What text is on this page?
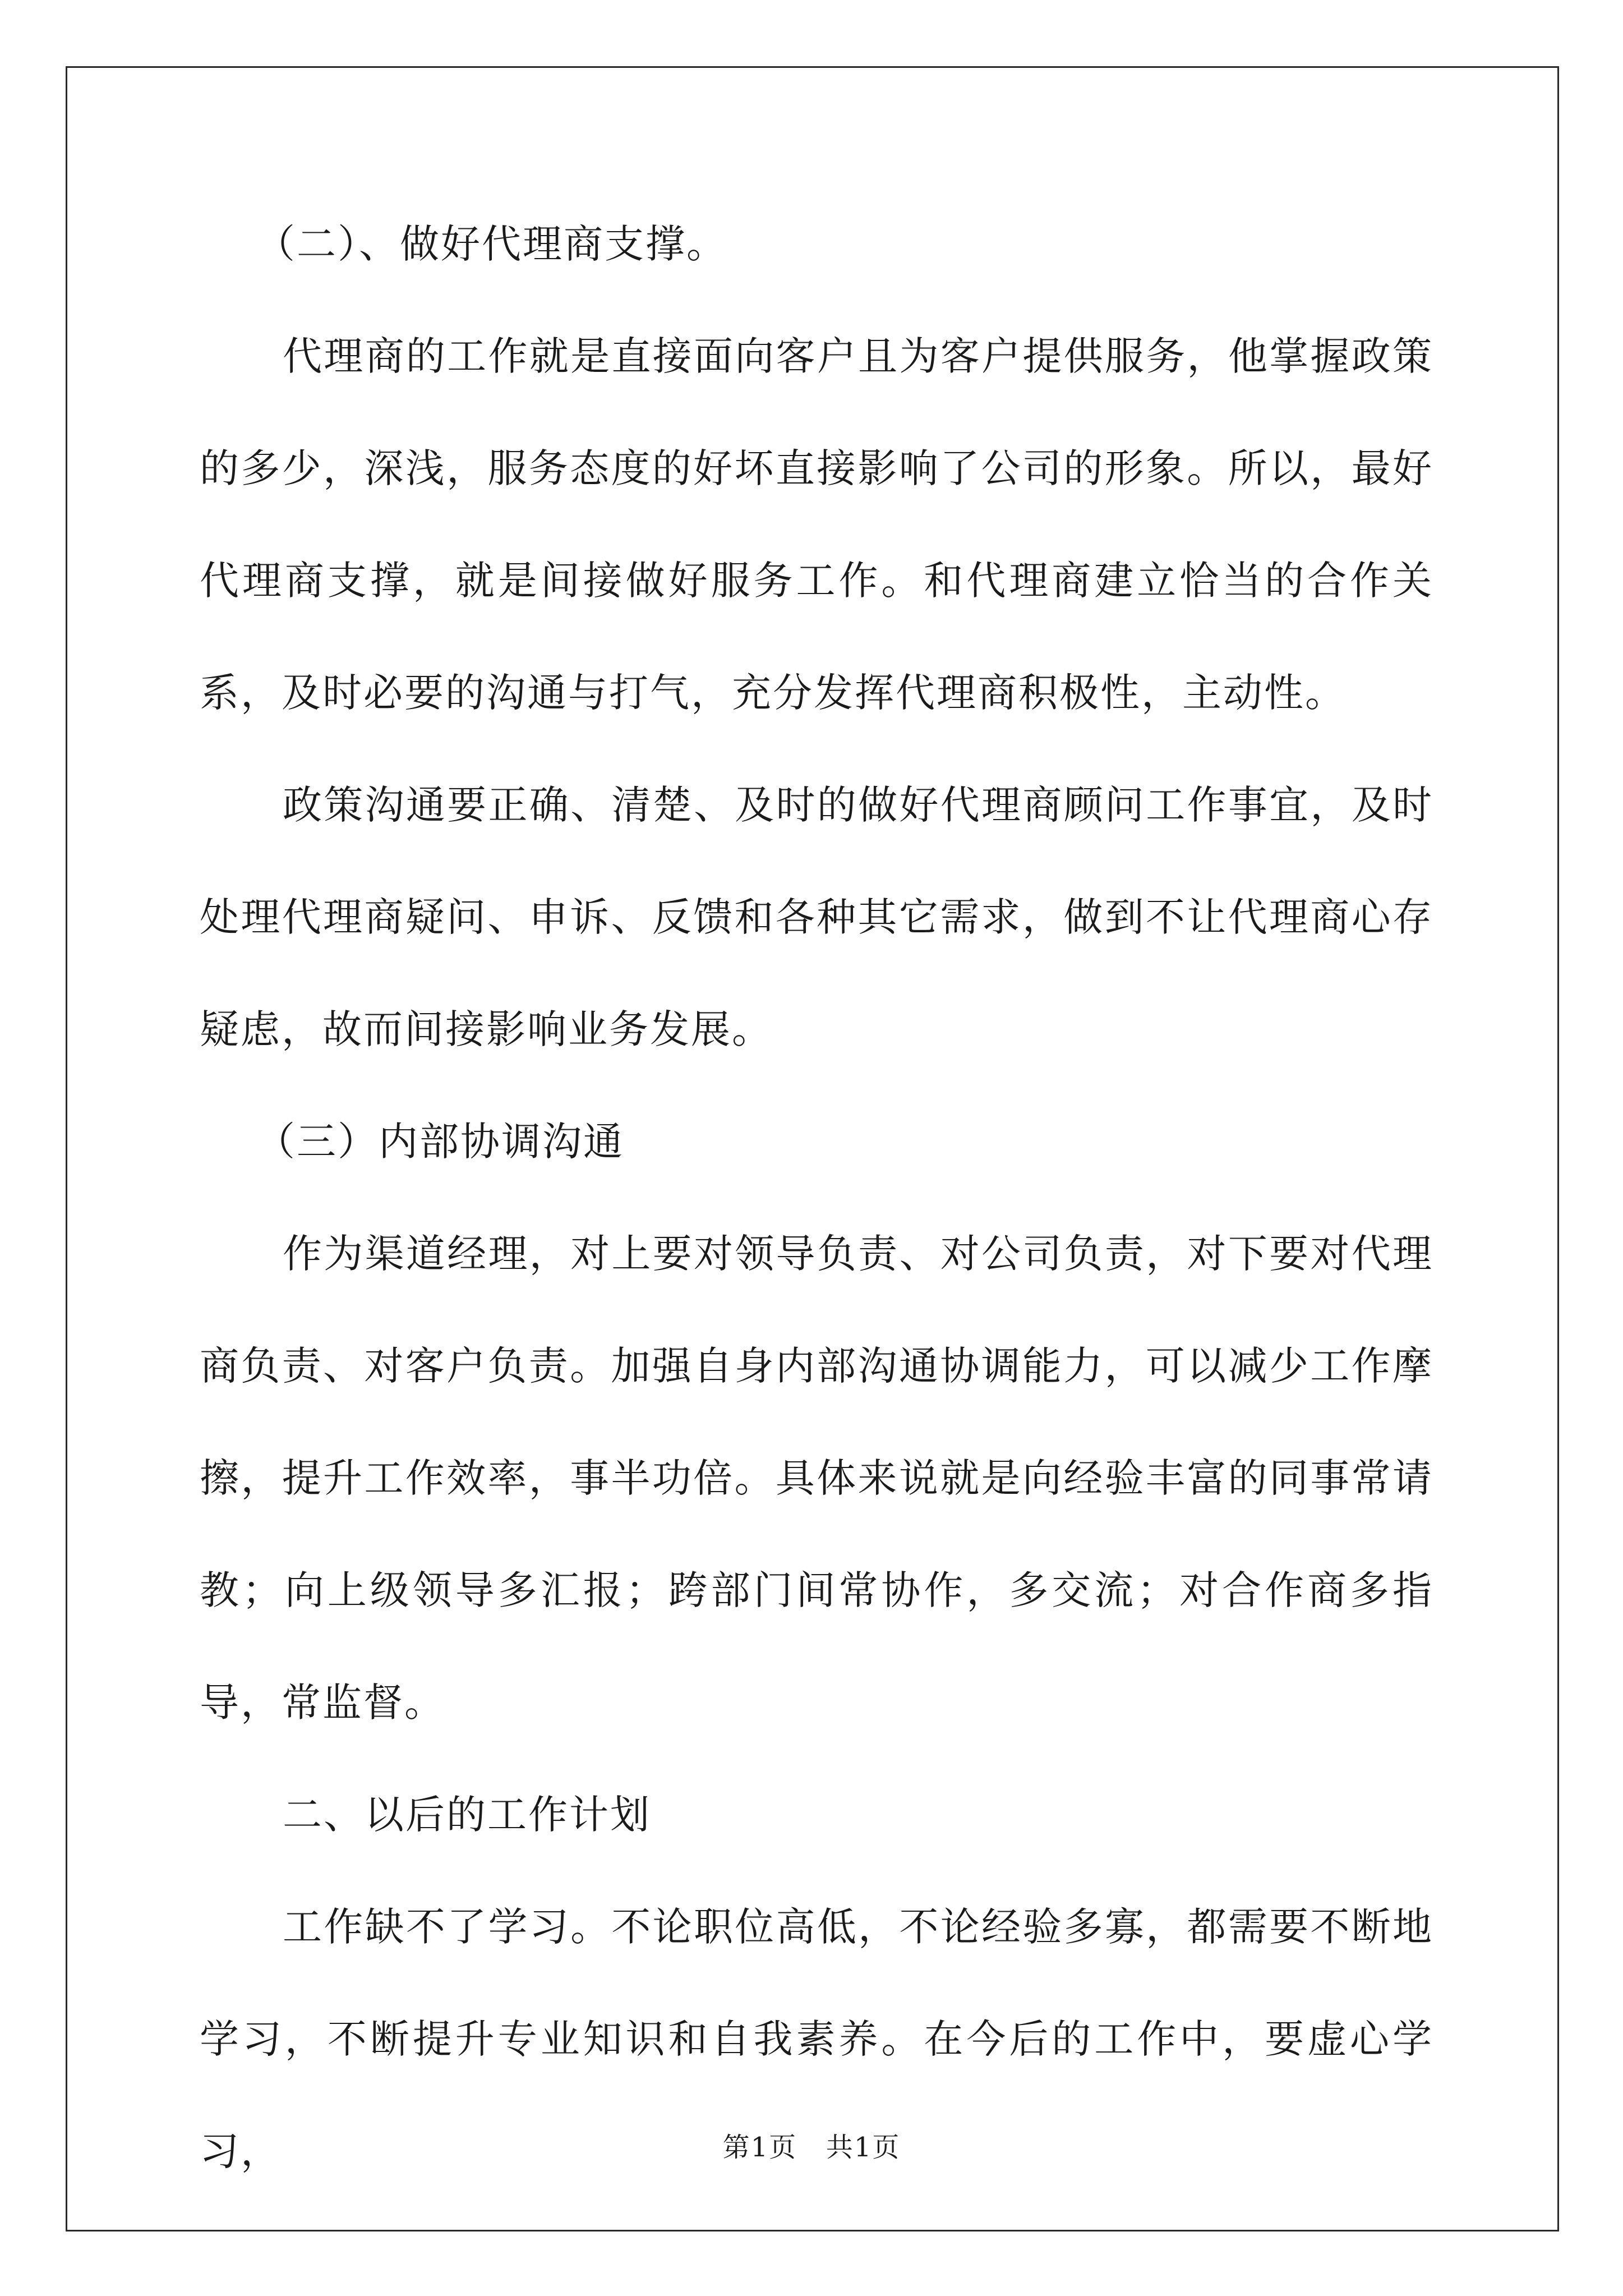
（二）、做好代理商支撑。

代理商的工作就是直接面向客户且为客户提供服务，他掌握政策的多少，深浅，服务态度的好坏直接影响了公司的形象。所以，最好代理商支撑，就是间接做好服务工作。和代理商建立恰当的合作关系，及时必要的沟通与打气，充分发挥代理商积极性，主动性。

政策沟通要正确、清楚、及时的做好代理商顾问工作事宜，及时处理代理商疑问、申诉、反馈和各种其它需求，做到不让代理商心存疑虑，故而间接影响业务发展。

（三）内部协调沟通

作为渠道经理，对上要对领导负责、对公司负责，对下要对代理商负责、对客户负责。加强自身内部沟通协调能力，可以减少工作摩擦，提升工作效率，事半功倍。具体来说就是向经验丰富的同事常请教；向上级领导多汇报；跨部门间常协作，多交流；对合作商多指导，常监督。

二、以后的工作计划

工作缺不了学习。不论职位高低，不论经验多寡，都需要不断地学习，不断提升专业知识和自我素养。在今后的工作中，要虚心学习，	第1页   共1页
